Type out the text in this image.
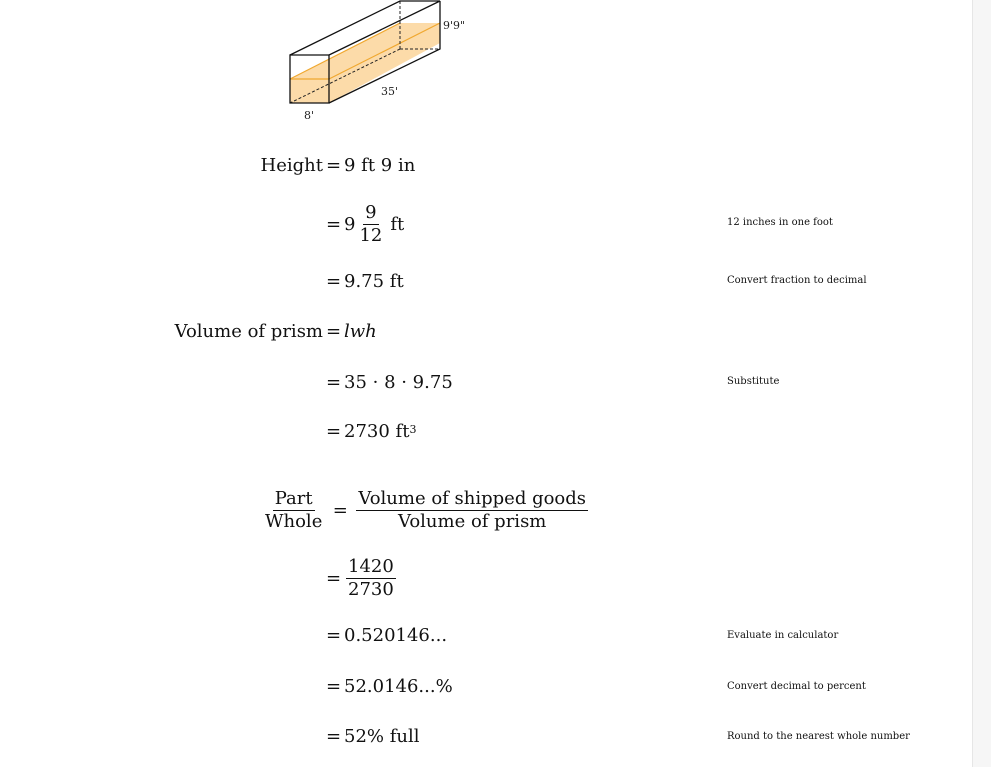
9'9"
35'
8'
Height = 9 ft 9 in
= $9 \frac{9}{12}$ ft	12 inches in one foot
= 9.75 ft	Convert fraction to decimal
Volume of prism = lwh
= 35 · 8 · 9.75	Substitute
= 2730 $ft^3$
$\frac{\text{Part}}{\text{Whole}} = \frac{\text{Volume of shipped goods}}{\text{Volume of prism}}$
= $\frac{1420}{2730}$
= 0.520146...	Evaluate in calculator
= 52.0146...%	Convert decimal to percent
= 52% full	Round to the nearest whole number
